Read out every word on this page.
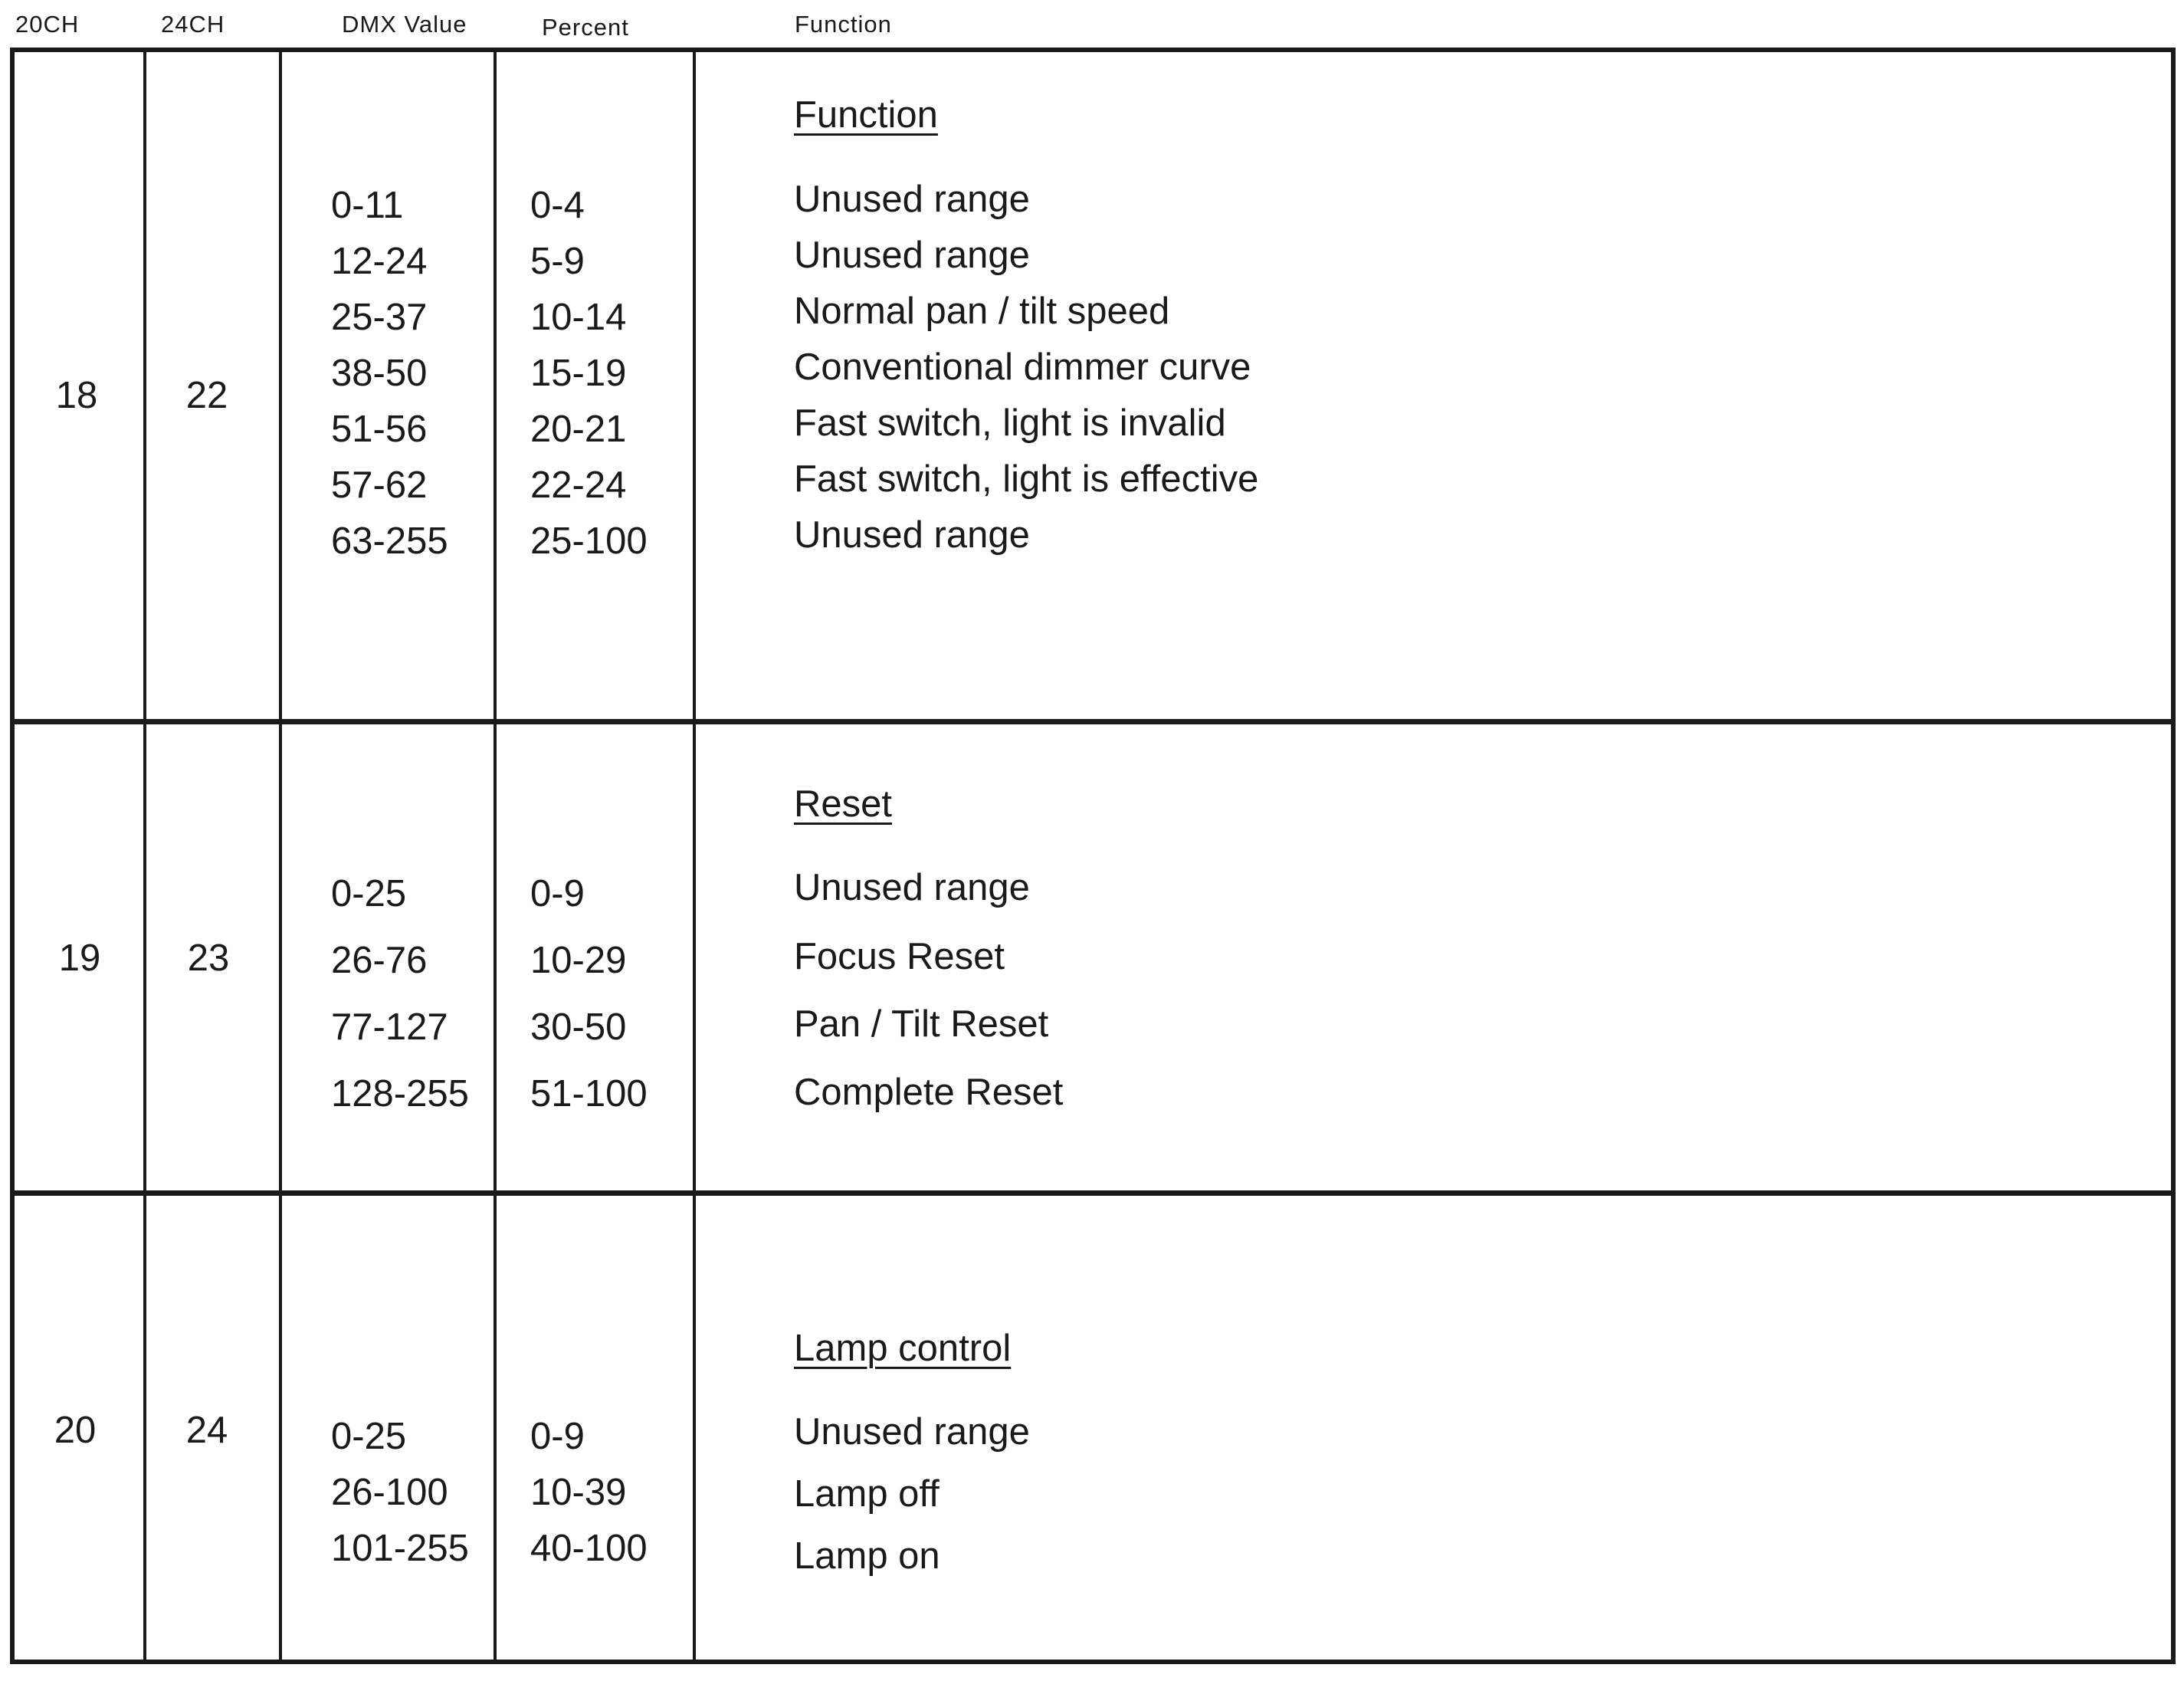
20CH	24CH	DMX Value	Percent	Function
18	22
Function
0-11	0-4	Unused range
12-24	5-9	Unused range
25-37	10-14	Normal pan / tilt speed
38-50	15-19	Conventional dimmer curve
51-56	20-21	Fast switch, light is invalid
57-62	22-24	Fast switch, light is effective
63-255 25-100	Unused range
19	23
Reset
0-25	0-9	Unused range
26-76	10-29	Focus Reset
77-127 30-50	Pan / Tilt Reset
128-255 51-100	Complete Reset
20	24
Lamp control
0-25	0-9	Unused range
26-100 10-39	Lamp off
101-255 40-100	Lamp on
